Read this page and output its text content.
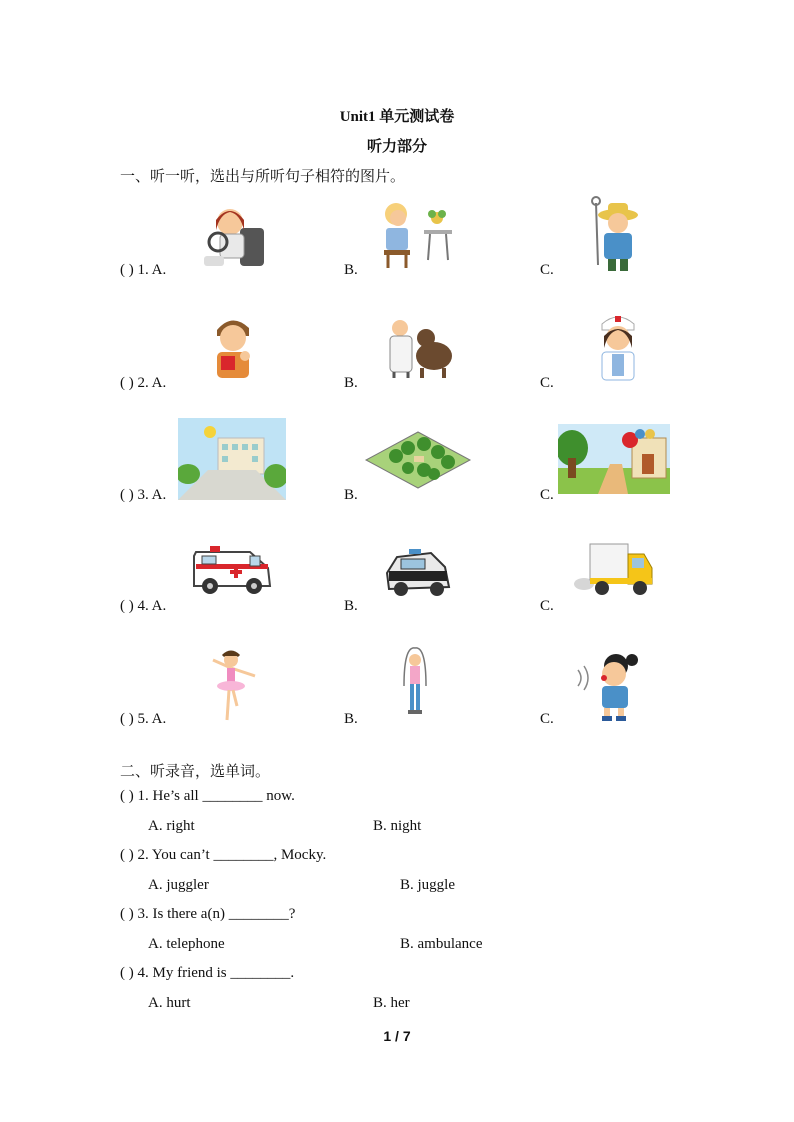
Unit1 单元测试卷
听力部分
一、听一听，选出与所听句子相符的图片。
( ) 1. A.	B.	C.
( ) 2. A.	B.	C.
( ) 3. A.	B.	C.
( ) 4. A.	B.	C.
( ) 5. A.	B.	C.
二、听录音，选单词。
( ) 1. He’s all ________ now.
A. right	B. night
( ) 2. You can’t ________, Mocky.
A. juggler	B. juggle
( ) 3. Is there a(n) ________?
A. telephone	B. ambulance
( ) 4. My friend is ________.
A. hurt	B. her
1 / 7
